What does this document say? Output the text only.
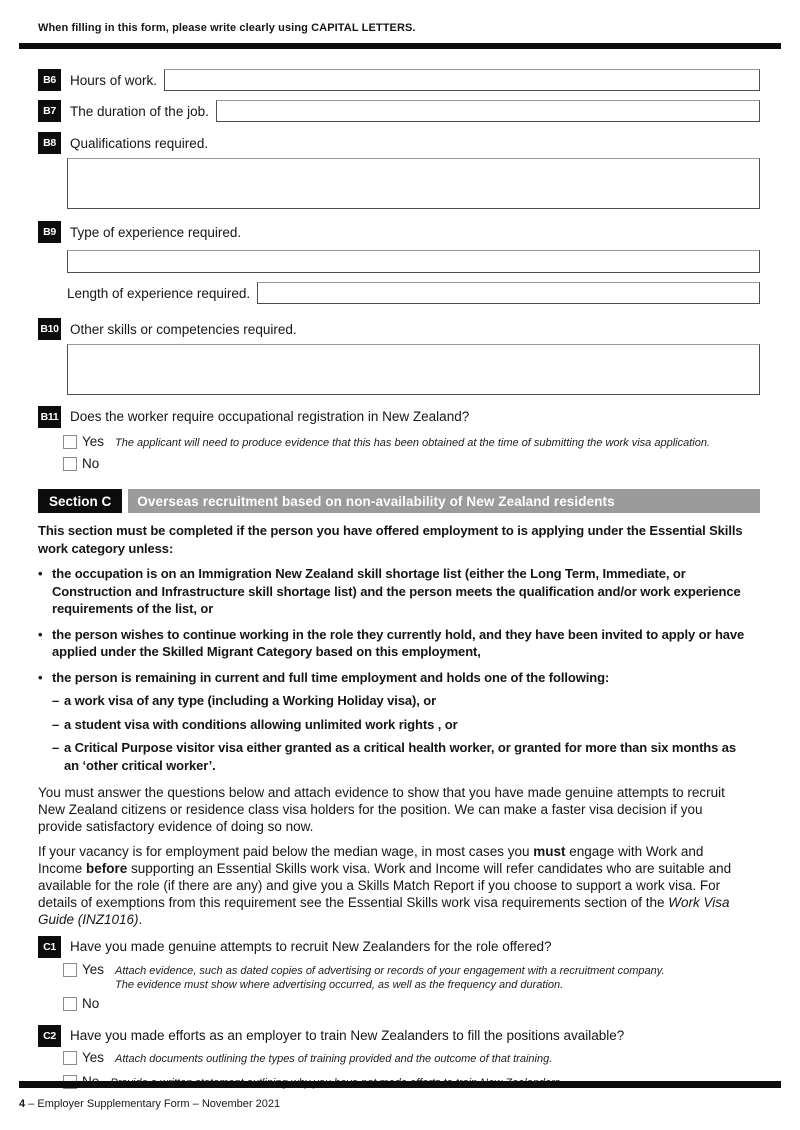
When filling in this form, please write clearly using CAPITAL LETTERS.
B6	Hours of work.
B7	The duration of the job.
B8	Qualifications required.
B9	Type of experience required.
Length of experience required.
B10 Other skills or competencies required.
B11 Does the worker require occupational registration in New Zealand?
Yes The applicant will need to produce evidence that this has been obtained at the time of submitting the work visa application.
No
Section C	Overseas recruitment based on non-availability of New Zealand residents
This section must be completed if the person you have offered employment to is applying under the Essential Skills work category unless:
• the occupation is on an Immigration New Zealand skill shortage list (either the Long Term, Immediate, or Construction and Infrastructure skill shortage list) and the person meets the qualification and/or work experience requirements of the list, or
• the person wishes to continue working in the role they currently hold, and they have been invited to apply or have applied under the Skilled Migrant Category based on this employment,
• the person is remaining in current and full time employment and holds one of the following:
– a work visa of any type (including a Working Holiday visa), or
– a student visa with conditions allowing unlimited work rights , or
– a Critical Purpose visitor visa either granted as a critical health worker, or granted for more than six months as an ‘other critical worker’.
You must answer the questions below and attach evidence to show that you have made genuine attempts to recruit New Zealand citizens or residence class visa holders for the position. We can make a faster visa decision if you provide satisfactory evidence of doing so now.
If your vacancy is for employment paid below the median wage, in most cases you must engage with Work and Income before supporting an Essential Skills work visa. Work and Income will refer candidates who are suitable and available for the role (if there are any) and give you a Skills Match Report if you choose to support a work visa. For details of exemptions from this requirement see the Essential Skills work visa requirements section of the Work Visa Guide (INZ1016).
C1	Have you made genuine attempts to recruit New Zealanders for the role offered?
Yes Attach evidence, such as dated copies of advertising or records of your engagement with a recruitment company. The evidence must show where advertising occurred, as well as the frequency and duration.
No
C2	Have you made efforts as an employer to train New Zealanders to fill the positions available?
Yes Attach documents outlining the types of training provided and the outcome of that training.
4 – Employer Supplementary Form – November 2021
